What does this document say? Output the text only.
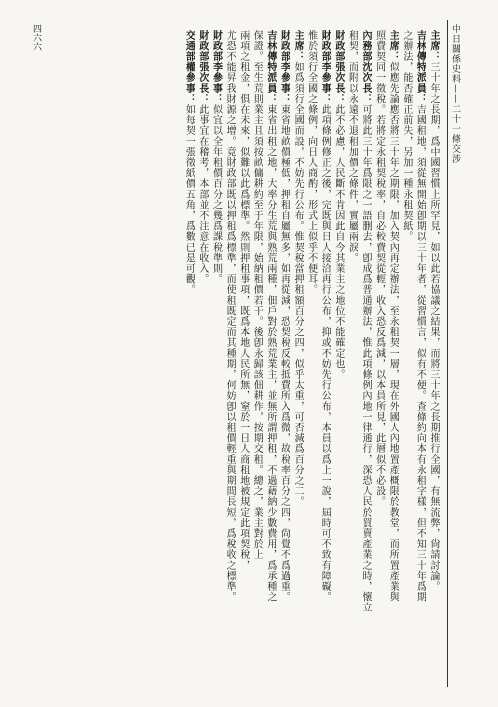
中日關係史料——二十一條交涉
四六六	主席：三十年之長期，爲中國習慣上所罕見，如以此若協議之結果，而將三十年之長期推行全國，有無流弊，尙請討論。
吉林傳特派員：吉國租地，須從無開始卽期以三十年者，從習慣言，似有不便。查條約向本有永租字樣，但不知三十年爲期
之辦法，能否確正前失，另加一種永租契紙。
主席：似應先論應否將三十年之期限，加入契內再定辦法，至永租契一層，現在外國人內地置產概限於教堂，而所置產業與
照費契同一徵稅。若將定永租契稅率，自必較費契從輕，收入恐反爲減，以本員所見，此層似不必設。
內務部沈次長：可將此三十年爲限之一語删去，卽成爲普通辦法，惟此項條例內地一律通行，深恐人民於買賣產業之時，懷立
租契，而附以永遠不退租加價之條件，實屬兩淚。
財政部張次長：此不必慮，人民斷不肯因此自今其業主之地位不能確定也。
財政部李參事：此項條例修正之後，完既與日人接洽再行公布，抑或不妨先行公布，本員以爲上一說，屆時可不致有障礙。
惟於須行全國之條例，向日人商酌，形式上似乎不便耳。
主席：如爲須行全國而設，不妨先行公布。惟契稅當押租額百分之四，似乎太重，可否減爲百分之二。
財政部李參事：東省地畝價極低，押租自屬無多，如再從減，恐契稅反較抵費所入爲微，故稅率百分之四，尙覺不爲過重。
吉林傳特派員：東省出租之地，大率分生荒與熟荒兩種，佃戶對於熟荒業主，並無所謂押租，不過藉納少數費用，爲承種之
保證。至生荒則業主且須按畝傭耕約至于年限，始納租價若干。後卽永歸該佃耕作，按期交租。總之，業主對於上
兩項之租金，俱在未來，似難以此爲標準。然則押租事項，既爲本地人民所無，窒於一日人商租地被規定此項契稅，
尤恐不能昇我財源之增。竟財政部既以押租爲標準，而使租既定而其種期，何妨卽以租價輕重與期間長短，爲稅收之標準。
財政部李參事：似宜以全年租價百分之幾爲課稅準則。
財政部張次長：此事宜在稽考，本部並不注意在收入。
交通部權參事：如每契一張徵紙價五角，爲數已是可觀。
